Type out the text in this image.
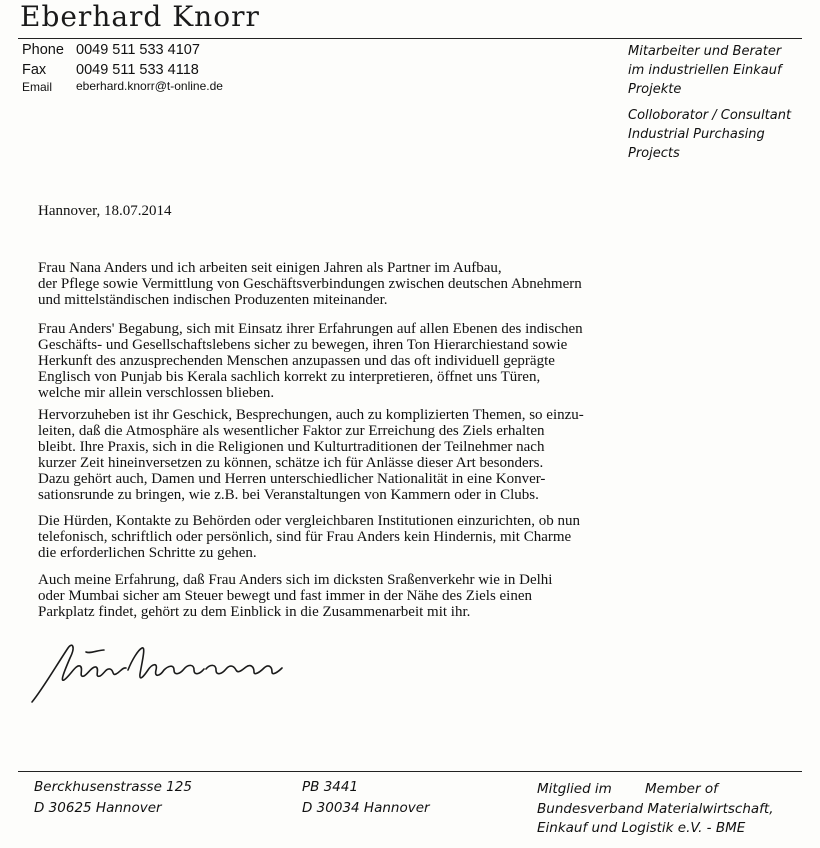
Eberhard Knorr
Phone 0049 511 533 4107
Fax 0049 511 533 4118
Email eberhard.knorr@t-online.de
Mitarbeiter und Berater
im industriellen Einkauf
Projekte
Colloborator / Consultant
Industrial Purchasing
Projects
Hannover, 18.07.2014
Frau Nana Anders und ich arbeiten seit einigen Jahren als Partner im Aufbau,
der Pflege sowie Vermittlung von Geschäftsverbindungen zwischen deutschen Abnehmern
und mittelständischen indischen Produzenten miteinander.
Frau Anders' Begabung, sich mit Einsatz ihrer Erfahrungen auf allen Ebenen des indischen
Geschäfts- und Gesellschaftslebens sicher zu bewegen, ihren Ton Hierarchiestand sowie
Herkunft des anzusprechenden Menschen anzupassen und das oft individuell geprägte
Englisch von Punjab bis Kerala sachlich korrekt zu interpretieren, öffnet uns Türen,
welche mir allein verschlossen blieben.
Hervorzuheben ist ihr Geschick, Besprechungen, auch zu komplizierten Themen, so einzu-
leiten, daß die Atmosphäre als wesentlicher Faktor zur Erreichung des Ziels erhalten
bleibt. Ihre Praxis, sich in die Religionen und Kulturtraditionen der Teilnehmer nach
kurzer Zeit hineinversetzen zu können, schätze ich für Anlässe dieser Art besonders.
Dazu gehört auch, Damen und Herren unterschiedlicher Nationalität in eine Konver-
sationsrunde zu bringen, wie z.B. bei Veranstaltungen von Kammern oder in Clubs.
Die Hürden, Kontakte zu Behörden oder vergleichbaren Institutionen einzurichten, ob nun
telefonisch, schriftlich oder persönlich, sind für Frau Anders kein Hindernis, mit Charme
die erforderlichen Schritte zu gehen.
Auch meine Erfahrung, daß Frau Anders sich im dicksten Sraßenverkehr wie in Delhi
oder Mumbai sicher am Steuer bewegt und fast immer in der Nähe des Ziels einen
Parkplatz findet, gehört zu dem Einblick in die Zusammenarbeit mit ihr.
Berckhusenstrasse 125
D 30625 Hannover
PB 3441
D 30034 Hannover
Mitglied im Member of
Bundesverband Materialwirtschaft,
Einkauf und Logistik e.V. - BME
